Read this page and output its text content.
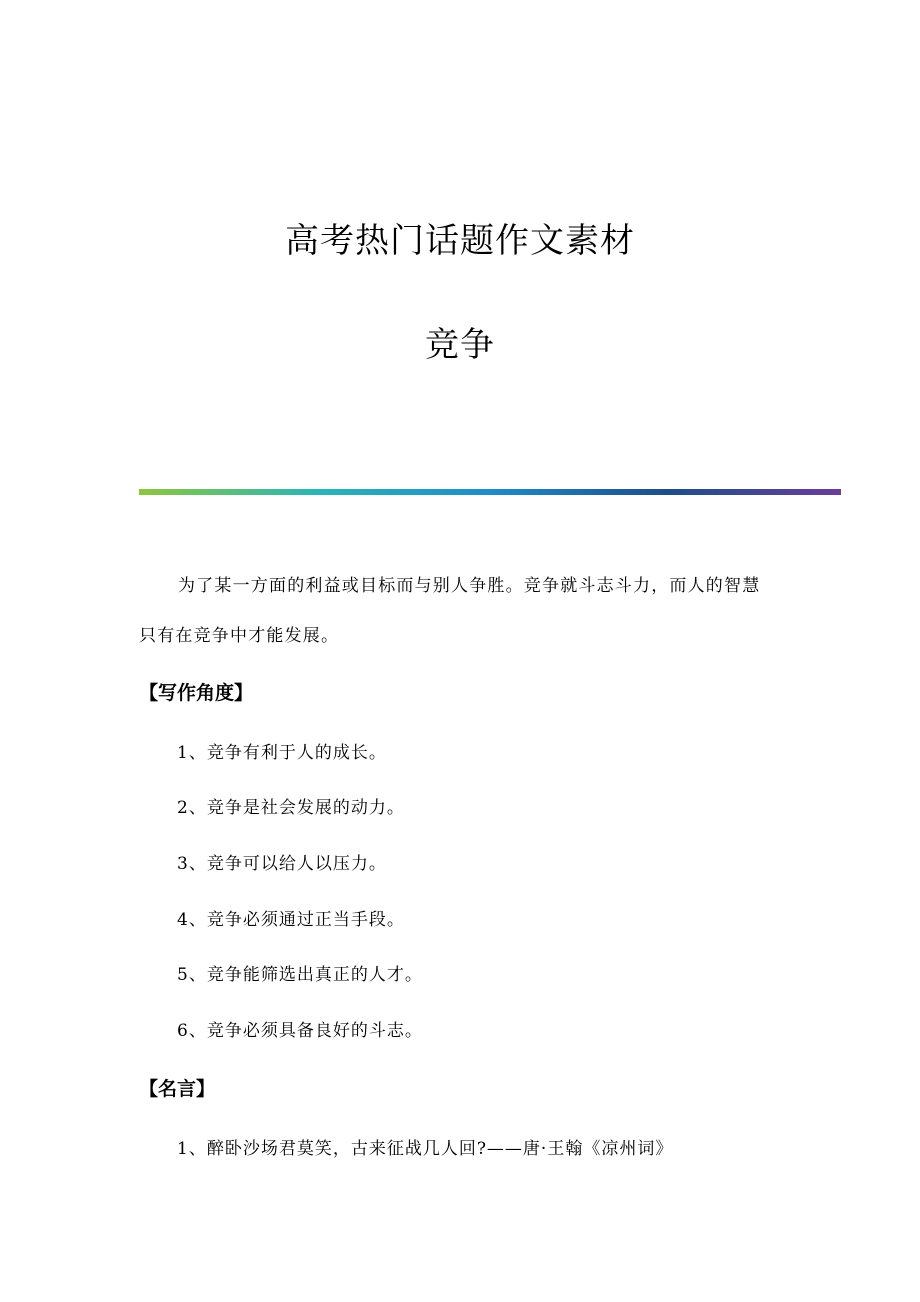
高考热门话题作文素材
竞争
为了某一方面的利益或目标而与别人争胜。竞争就斗志斗力，而人的智慧
只有在竞争中才能发展。
【写作角度】
1、竞争有利于人的成长。
2、竞争是社会发展的动力。
3、竞争可以给人以压力。
4、竞争必须通过正当手段。
5、竞争能筛选出真正的人才。
6、竞争必须具备良好的斗志。
【名言】
1、醉卧沙场君莫笑，古来征战几人回?——唐·王翰《凉州词》
